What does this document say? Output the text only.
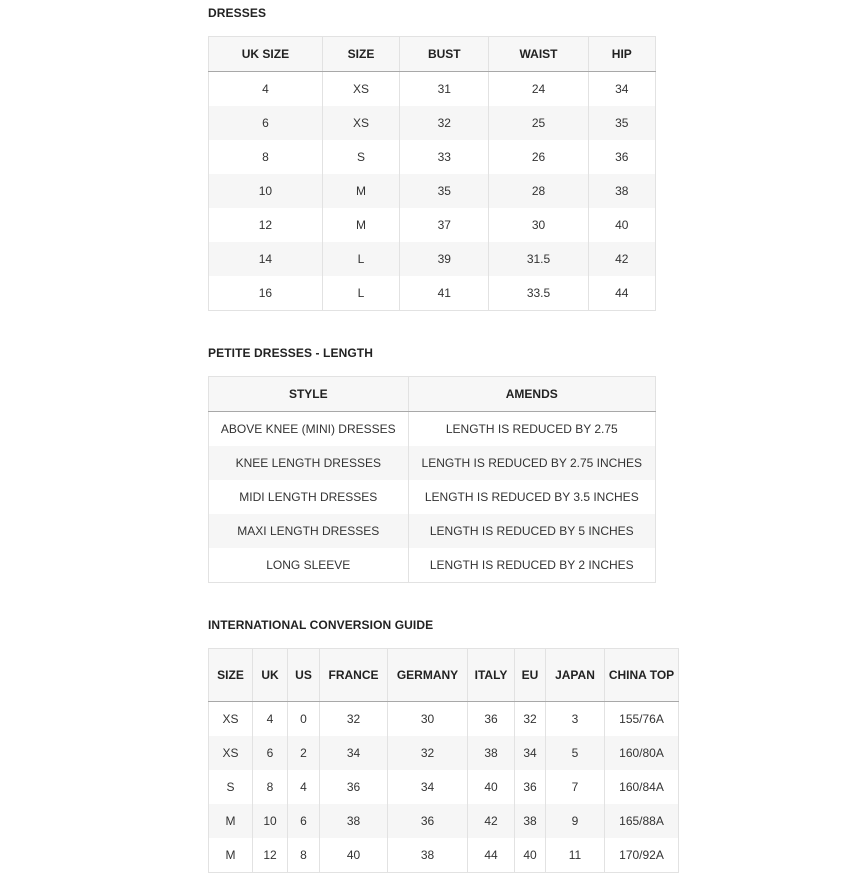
DRESSES
UK SIZE	SIZE	BUST	WAIST	HIP
4	XS	31	24	34
6	XS	32	25	35
8	S	33	26	36
10	M	35	28	38
12	M	37	30	40
14	L	39	31.5	42
16	L	41	33.5	44
PETITE DRESSES - LENGTH
STYLE	AMENDS
ABOVE KNEE (MINI) DRESSES	LENGTH IS REDUCED BY 2.75
KNEE LENGTH DRESSES	LENGTH IS REDUCED BY 2.75 INCHES
MIDI LENGTH DRESSES	LENGTH IS REDUCED BY 3.5 INCHES
MAXI LENGTH DRESSES	LENGTH IS REDUCED BY 5 INCHES
LONG SLEEVE	LENGTH IS REDUCED BY 2 INCHES
INTERNATIONAL CONVERSION GUIDE
SIZE	UK	US	FRANCE	GERMANY	ITALY	EU	JAPAN	CHINA TOP
XS	4	0	32	30	36	32	3	155/76A
XS	6	2	34	32	38	34	5	160/80A
S	8	4	36	34	40	36	7	160/84A
M	10	6	38	36	42	38	9	165/88A
M	12	8	40	38	44	40	11	170/92A
